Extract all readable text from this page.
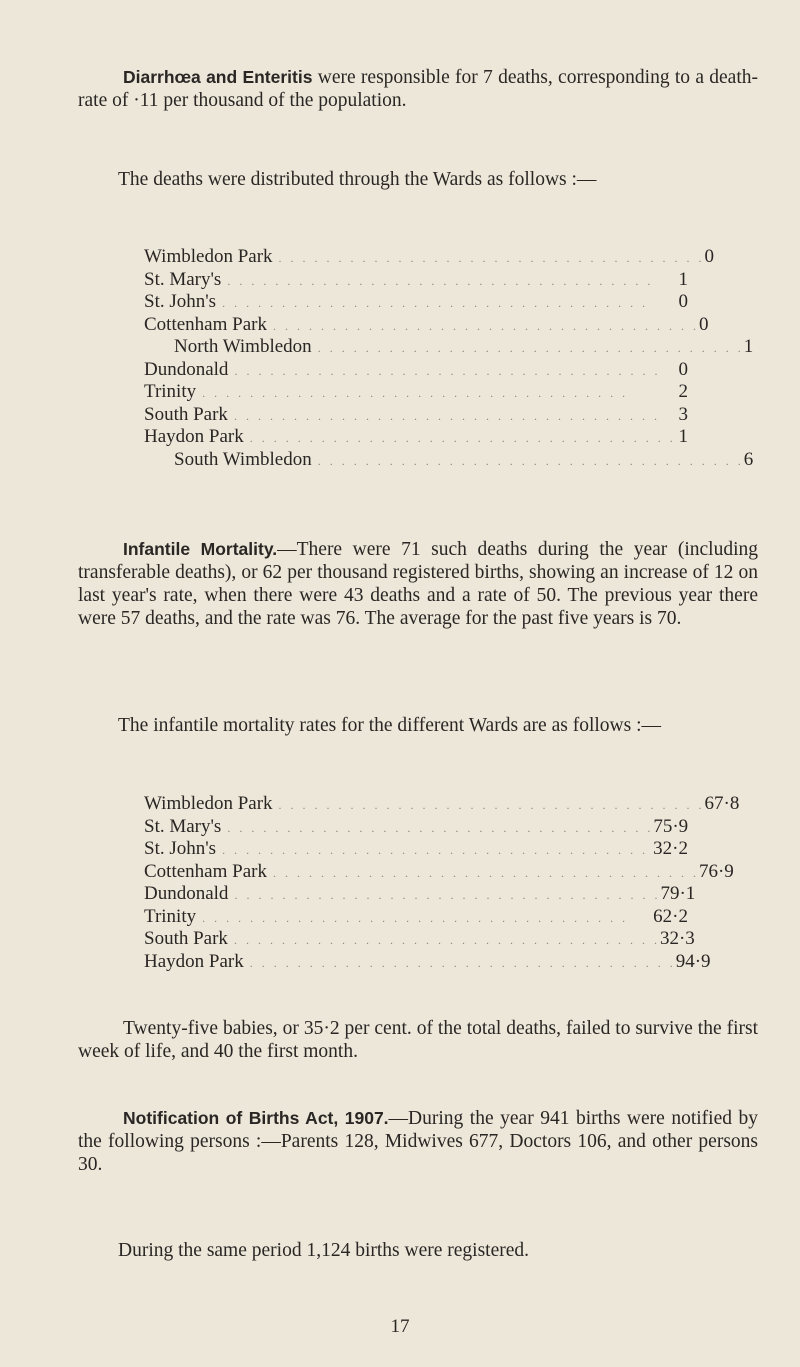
Diarrhœa and Enteritis were responsible for 7 deaths, corresponding to a death-rate of ·11 per thousand of the population.

The deaths were distributed through the Wards as follows :—

Wimbledon Park . . . . . . . . . . . . . . . . . . . . . . . . . . . . . . . . . . . . 0
St. Mary's . . . . . . . . . . . . . . . . . . . . . . . . . . . . . . . . . . . .	1
St. John's . . . . . . . . . . . . . . . . . . . . . . . . . . . . . . . . . . . .	0
Cottenham Park . . . . . . . . . . . . . . . . . . . . . . . . . . . . . . . . . . . . 0
North Wimbledon . . . . . . . . . . . . . . . . . . . . . . . . . . . . . . . . . . . . 1
Dundonald . . . . . . . . . . . . . . . . . . . . . . . . . . . . . . . . . . . . 0
Trinity . . . . . . . . . . . . . . . . . . . . . . . . . . . . . . . . . . . .	2
South Park . . . . . . . . . . . . . . . . . . . . . . . . . . . . . . . . . . . . 3
Haydon Park . . . . . . . . . . . . . . . . . . . . . . . . . . . . . . . . . . . . 1
South Wimbledon . . . . . . . . . . . . . . . . . . . . . . . . . . . . . . . . . . . . 6

Infantile Mortality.—There were 71 such deaths during the year (including transferable deaths), or 62 per thousand registered births, showing an increase of 12 on last year's rate, when there were 43 deaths and a rate of 50. The previous year there were 57 deaths, and the rate was 76. The average for the past five years is 70.

The infantile mortality rates for the different Wards are as follows :—

Wimbledon Park . . . . . . . . . . . . . . . . . . . . . . . . . . . . . . . . . . . . 67·8
St. Mary's . . . . . . . . . . . . . . . . . . . . . . . . . . . . . . . . . . . . 75·9
St. John's . . . . . . . . . . . . . . . . . . . . . . . . . . . . . . . . . . . . 32·2
Cottenham Park . . . . . . . . . . . . . . . . . . . . . . . . . . . . . . . . . . . . 76·9
Dundonald . . . . . . . . . . . . . . . . . . . . . . . . . . . . . . . . . . . . 79·1
Trinity . . . . . . . . . . . . . . . . . . . . . . . . . . . . . . . . . . . .	62·2
South Park . . . . . . . . . . . . . . . . . . . . . . . . . . . . . . . . . . . . 32·3
Haydon Park . . . . . . . . . . . . . . . . . . . . . . . . . . . . . . . . . . . . 94·9

Twenty-five babies, or 35·2 per cent. of the total deaths, failed to survive the first week of life, and 40 the first month.

Notification of Births Act, 1907.—During the year 941 births were notified by the following persons :—Parents 128, Midwives 677, Doctors 106, and other persons 30.

During the same period 1,124 births were registered.

17
